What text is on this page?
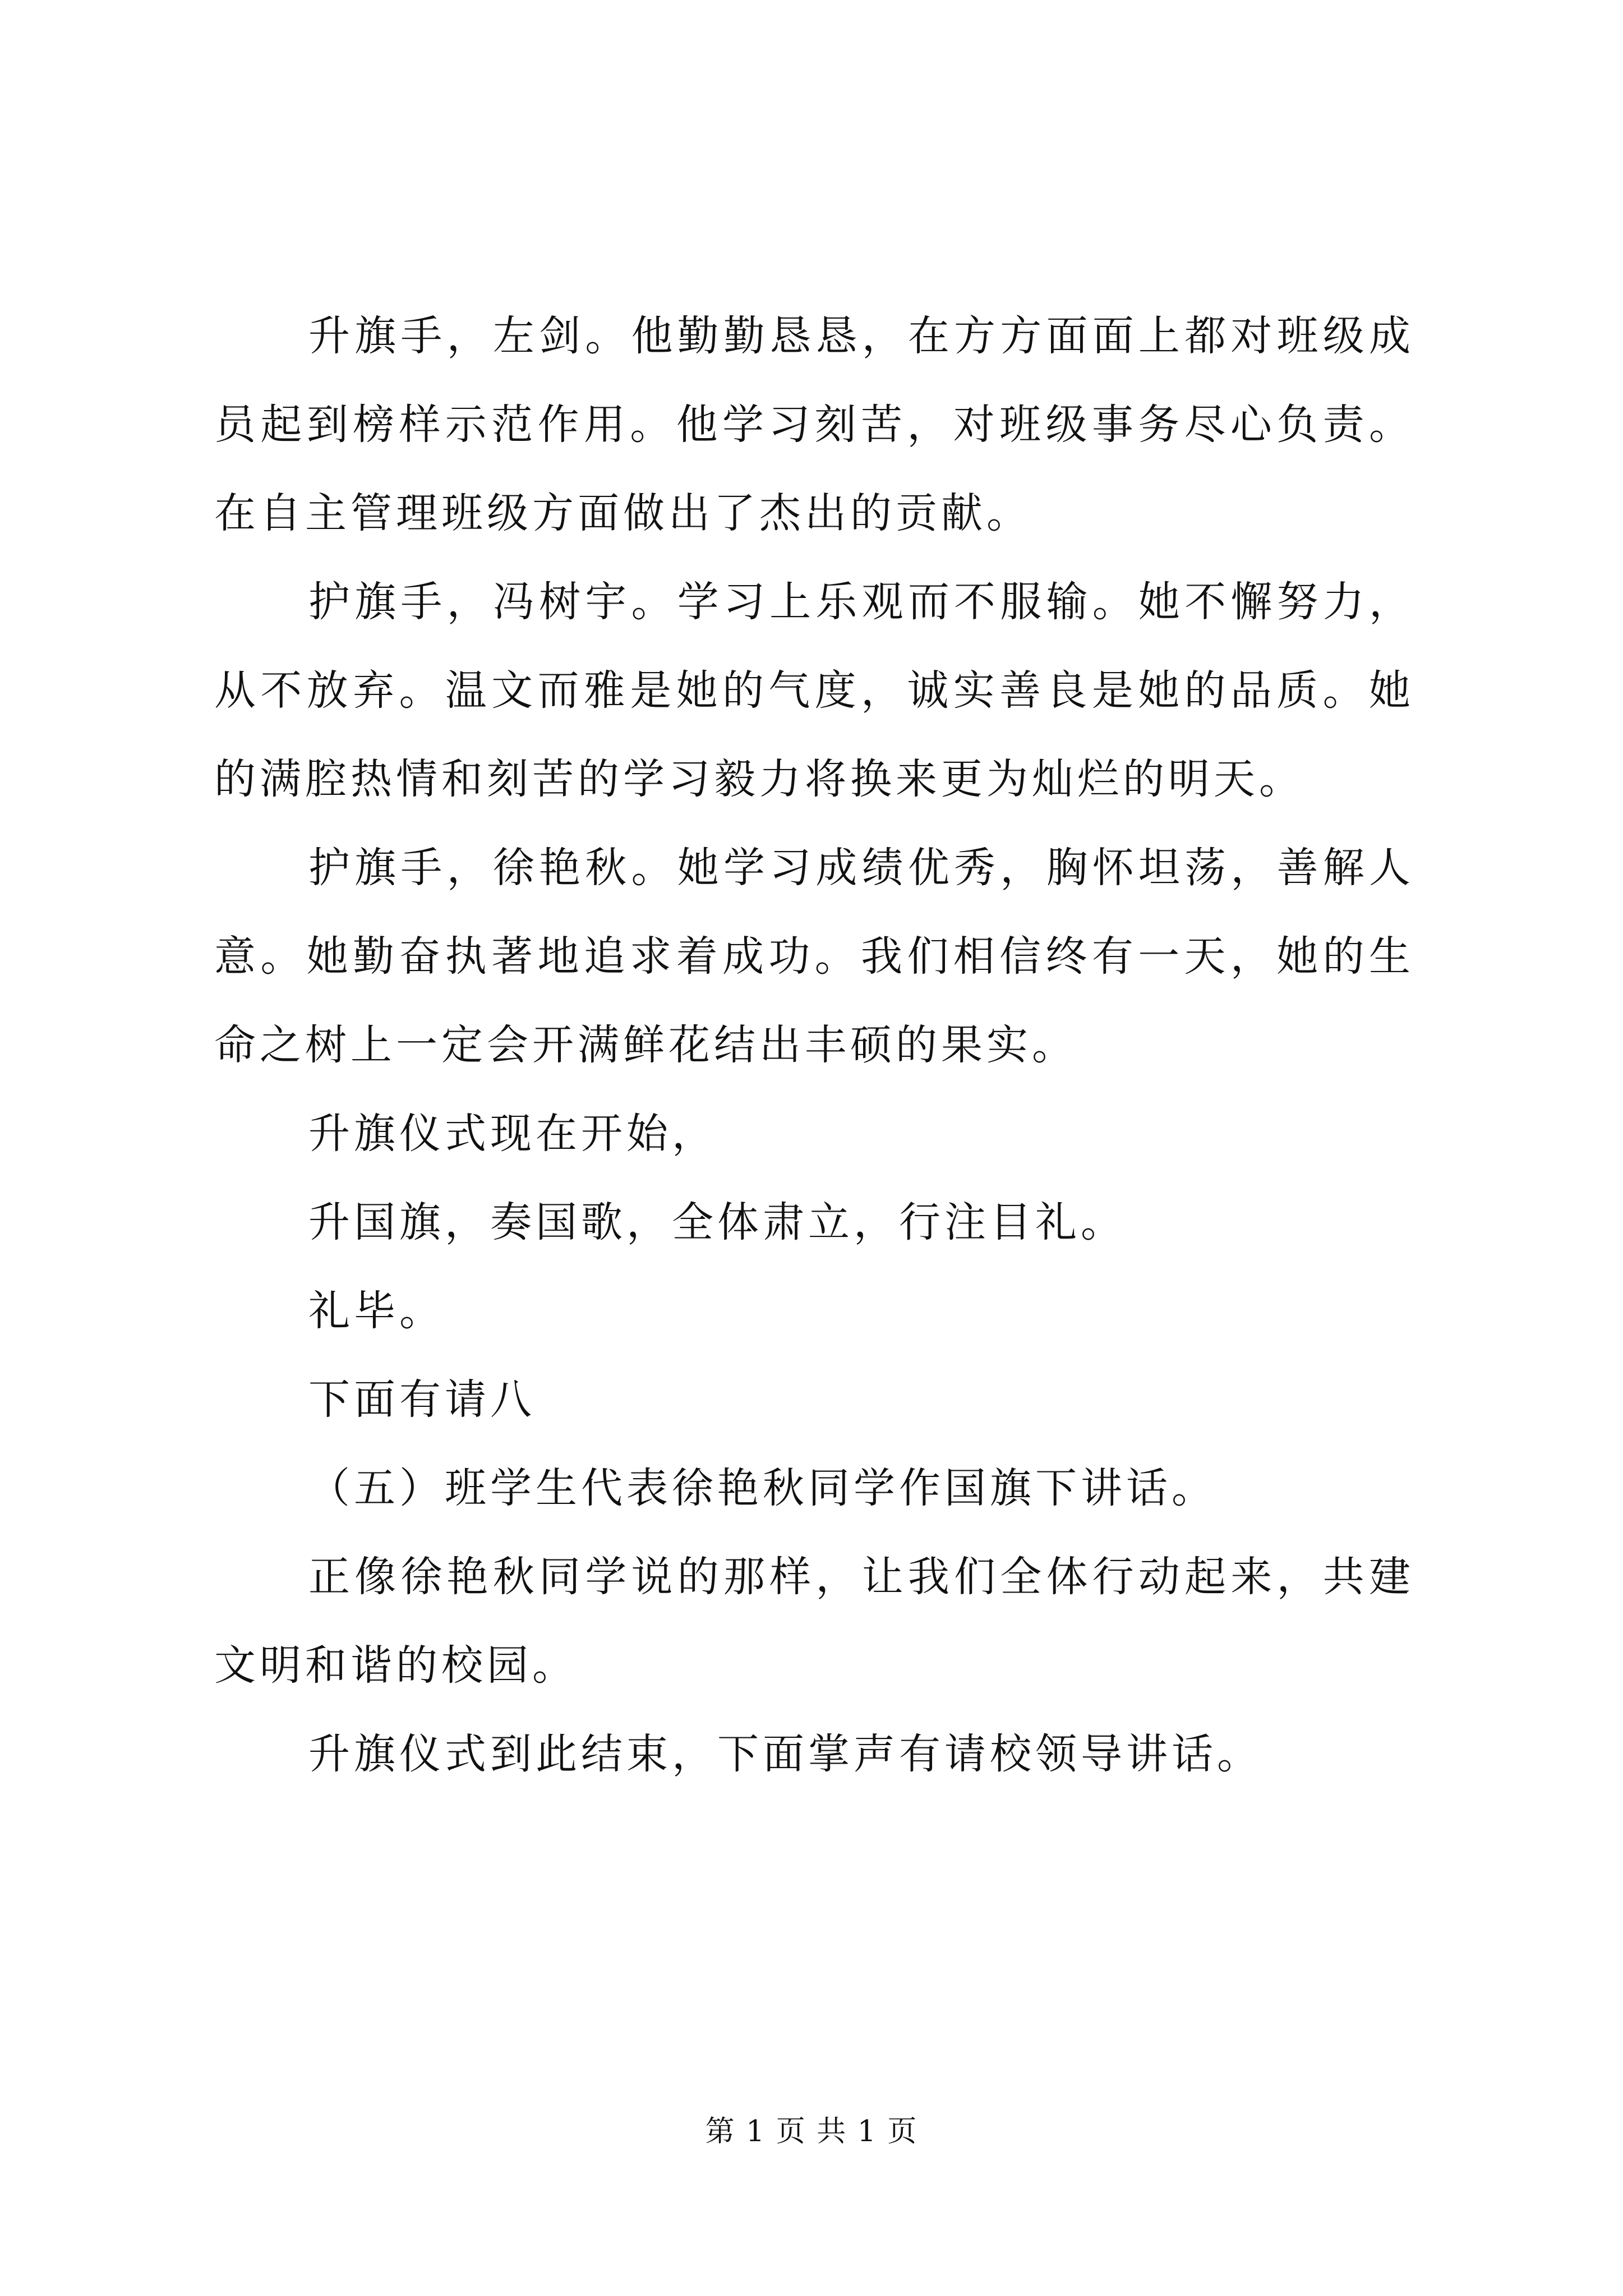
升旗手，左剑。他勤勤恳恳，在方方面面上都对班级成员起到榜样示范作用。他学习刻苦，对班级事务尽心负责。在自主管理班级方面做出了杰出的贡献。

护旗手，冯树宇。学习上乐观而不服输。她不懈努力，从不放弃。温文而雅是她的气度，诚实善良是她的品质。她的满腔热情和刻苦的学习毅力将换来更为灿烂的明天。

护旗手，徐艳秋。她学习成绩优秀，胸怀坦荡，善解人意。她勤奋执著地追求着成功。我们相信终有一天，她的生命之树上一定会开满鲜花结出丰硕的果实。

升旗仪式现在开始，

升国旗，奏国歌，全体肃立，行注目礼。

礼毕。

下面有请八

（五）班学生代表徐艳秋同学作国旗下讲话。

正像徐艳秋同学说的那样，让我们全体行动起来，共建文明和谐的校园。

升旗仪式到此结束，下面掌声有请校领导讲话。

第 1 页 共 1 页
